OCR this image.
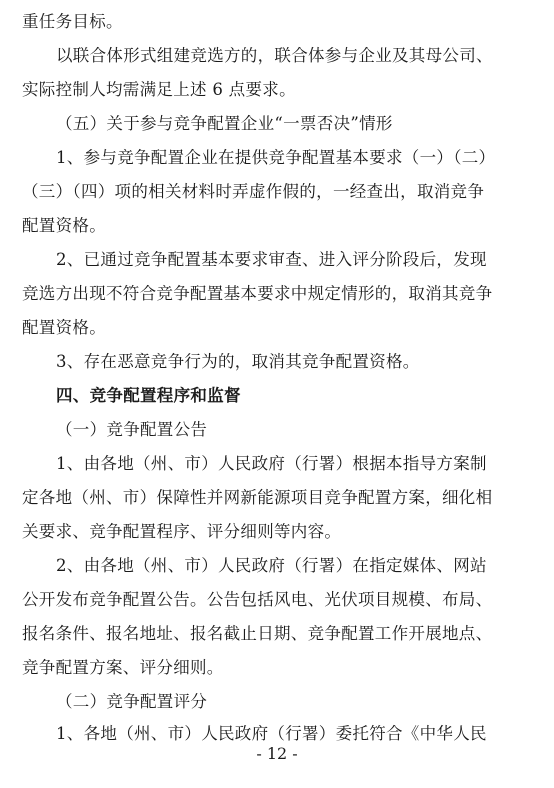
重任务目标。
以联合体形式组建竞选方的，联合体参与企业及其母公司、
实际控制人均需满足上述 6 点要求。
（五）关于参与竞争配置企业“一票否决”情形
1、参与竞争配置企业在提供竞争配置基本要求（一）（二）
（三）（四）项的相关材料时弄虚作假的，一经查出，取消竞争
配置资格。
2、已通过竞争配置基本要求审查、进入评分阶段后，发现
竞选方出现不符合竞争配置基本要求中规定情形的，取消其竞争
配置资格。
3、存在恶意竞争行为的，取消其竞争配置资格。
四、竞争配置程序和监督
（一）竞争配置公告
1、由各地（州、市）人民政府（行署）根据本指导方案制
定各地（州、市）保障性并网新能源项目竞争配置方案，细化相
关要求、竞争配置程序、评分细则等内容。
2、由各地（州、市）人民政府（行署）在指定媒体、网站
公开发布竞争配置公告。公告包括风电、光伏项目规模、布局、
报名条件、报名地址、报名截止日期、竞争配置工作开展地点、
竞争配置方案、评分细则。
（二）竞争配置评分
1、各地（州、市）人民政府（行署）委托符合《中华人民
- 12 -
